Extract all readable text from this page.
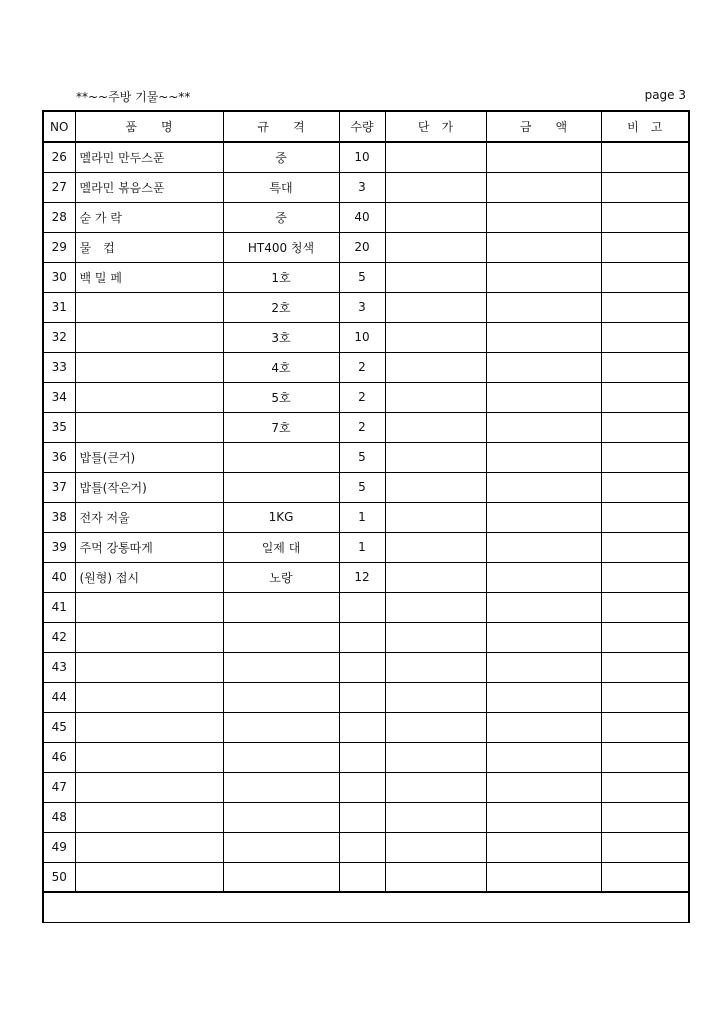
**~~주방 기물~~**	page 3
NO	품　　명	규　　격	수량	단　가	금　　액	비　고
26	멜라민 만두스푼	중	10			
27	멜라민 볶음스푼	특대	3			
28	숟 가 락	중	40			
29	물　컵	HT400 청색	20			
30	백 밀 페	1호	5			
31		2호	3			
32		3호	10			
33		4호	2			
34		5호	2			
35		7호	2			
36	밥틀(큰거)		5			
37	밥틀(작은거)		5			
38	전자 저울	1KG	1			
39	주먹 강통따게	일제 대	1			
40	(원형) 접시	노랑	12			
41						
42						
43						
44						
45						
46						
47						
48						
49						
50						
